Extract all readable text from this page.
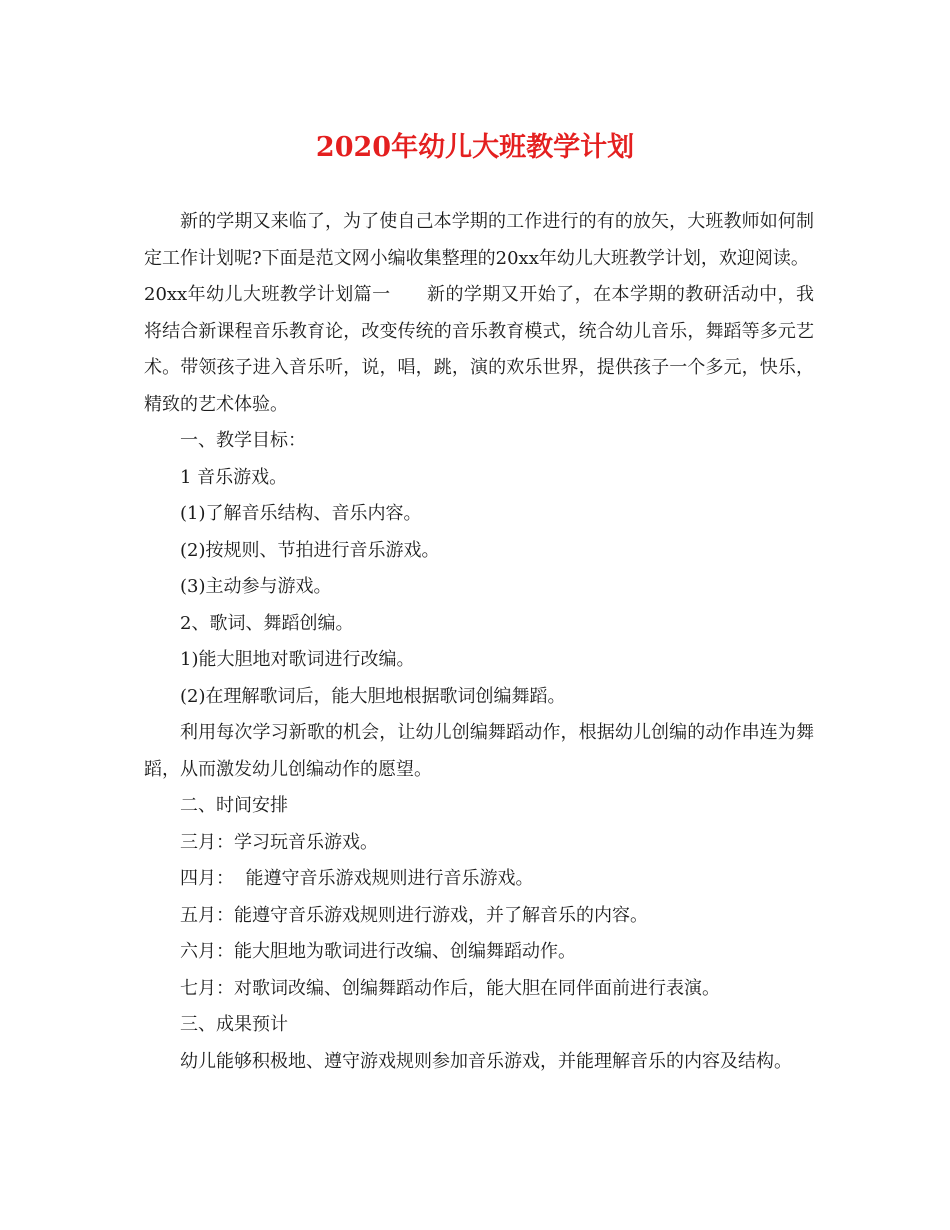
2020年幼儿大班教学计划

新的学期又来临了，为了使自己本学期的工作进行的有的放矢，大班教师如何制定工作计划呢?下面是范文网小编收集整理的20xx年幼儿大班教学计划，欢迎阅读。

20xx年幼儿大班教学计划篇一 新的学期又开始了，在本学期的教研活动中，我将结合新课程音乐教育论，改变传统的音乐教育模式，统合幼儿音乐，舞蹈等多元艺术。带领孩子进入音乐听，说，唱，跳，演的欢乐世界，提供孩子一个多元，快乐，精致的艺术体验。

一、教学目标：

1 音乐游戏。

(1)了解音乐结构、音乐内容。

(2)按规则、节拍进行音乐游戏。

(3)主动参与游戏。

2、歌词、舞蹈创编。

1)能大胆地对歌词进行改编。

(2)在理解歌词后，能大胆地根据歌词创编舞蹈。

利用每次学习新歌的机会，让幼儿创编舞蹈动作，根据幼儿创编的动作串连为舞蹈，从而激发幼儿创编动作的愿望。

二、时间安排

三月：学习玩音乐游戏。

四月：  能遵守音乐游戏规则进行音乐游戏。

五月：能遵守音乐游戏规则进行游戏，并了解音乐的内容。

六月：能大胆地为歌词进行改编、创编舞蹈动作。

七月：对歌词改编、创编舞蹈动作后，能大胆在同伴面前进行表演。

三、成果预计

幼儿能够积极地、遵守游戏规则参加音乐游戏，并能理解音乐的内容及结构。
